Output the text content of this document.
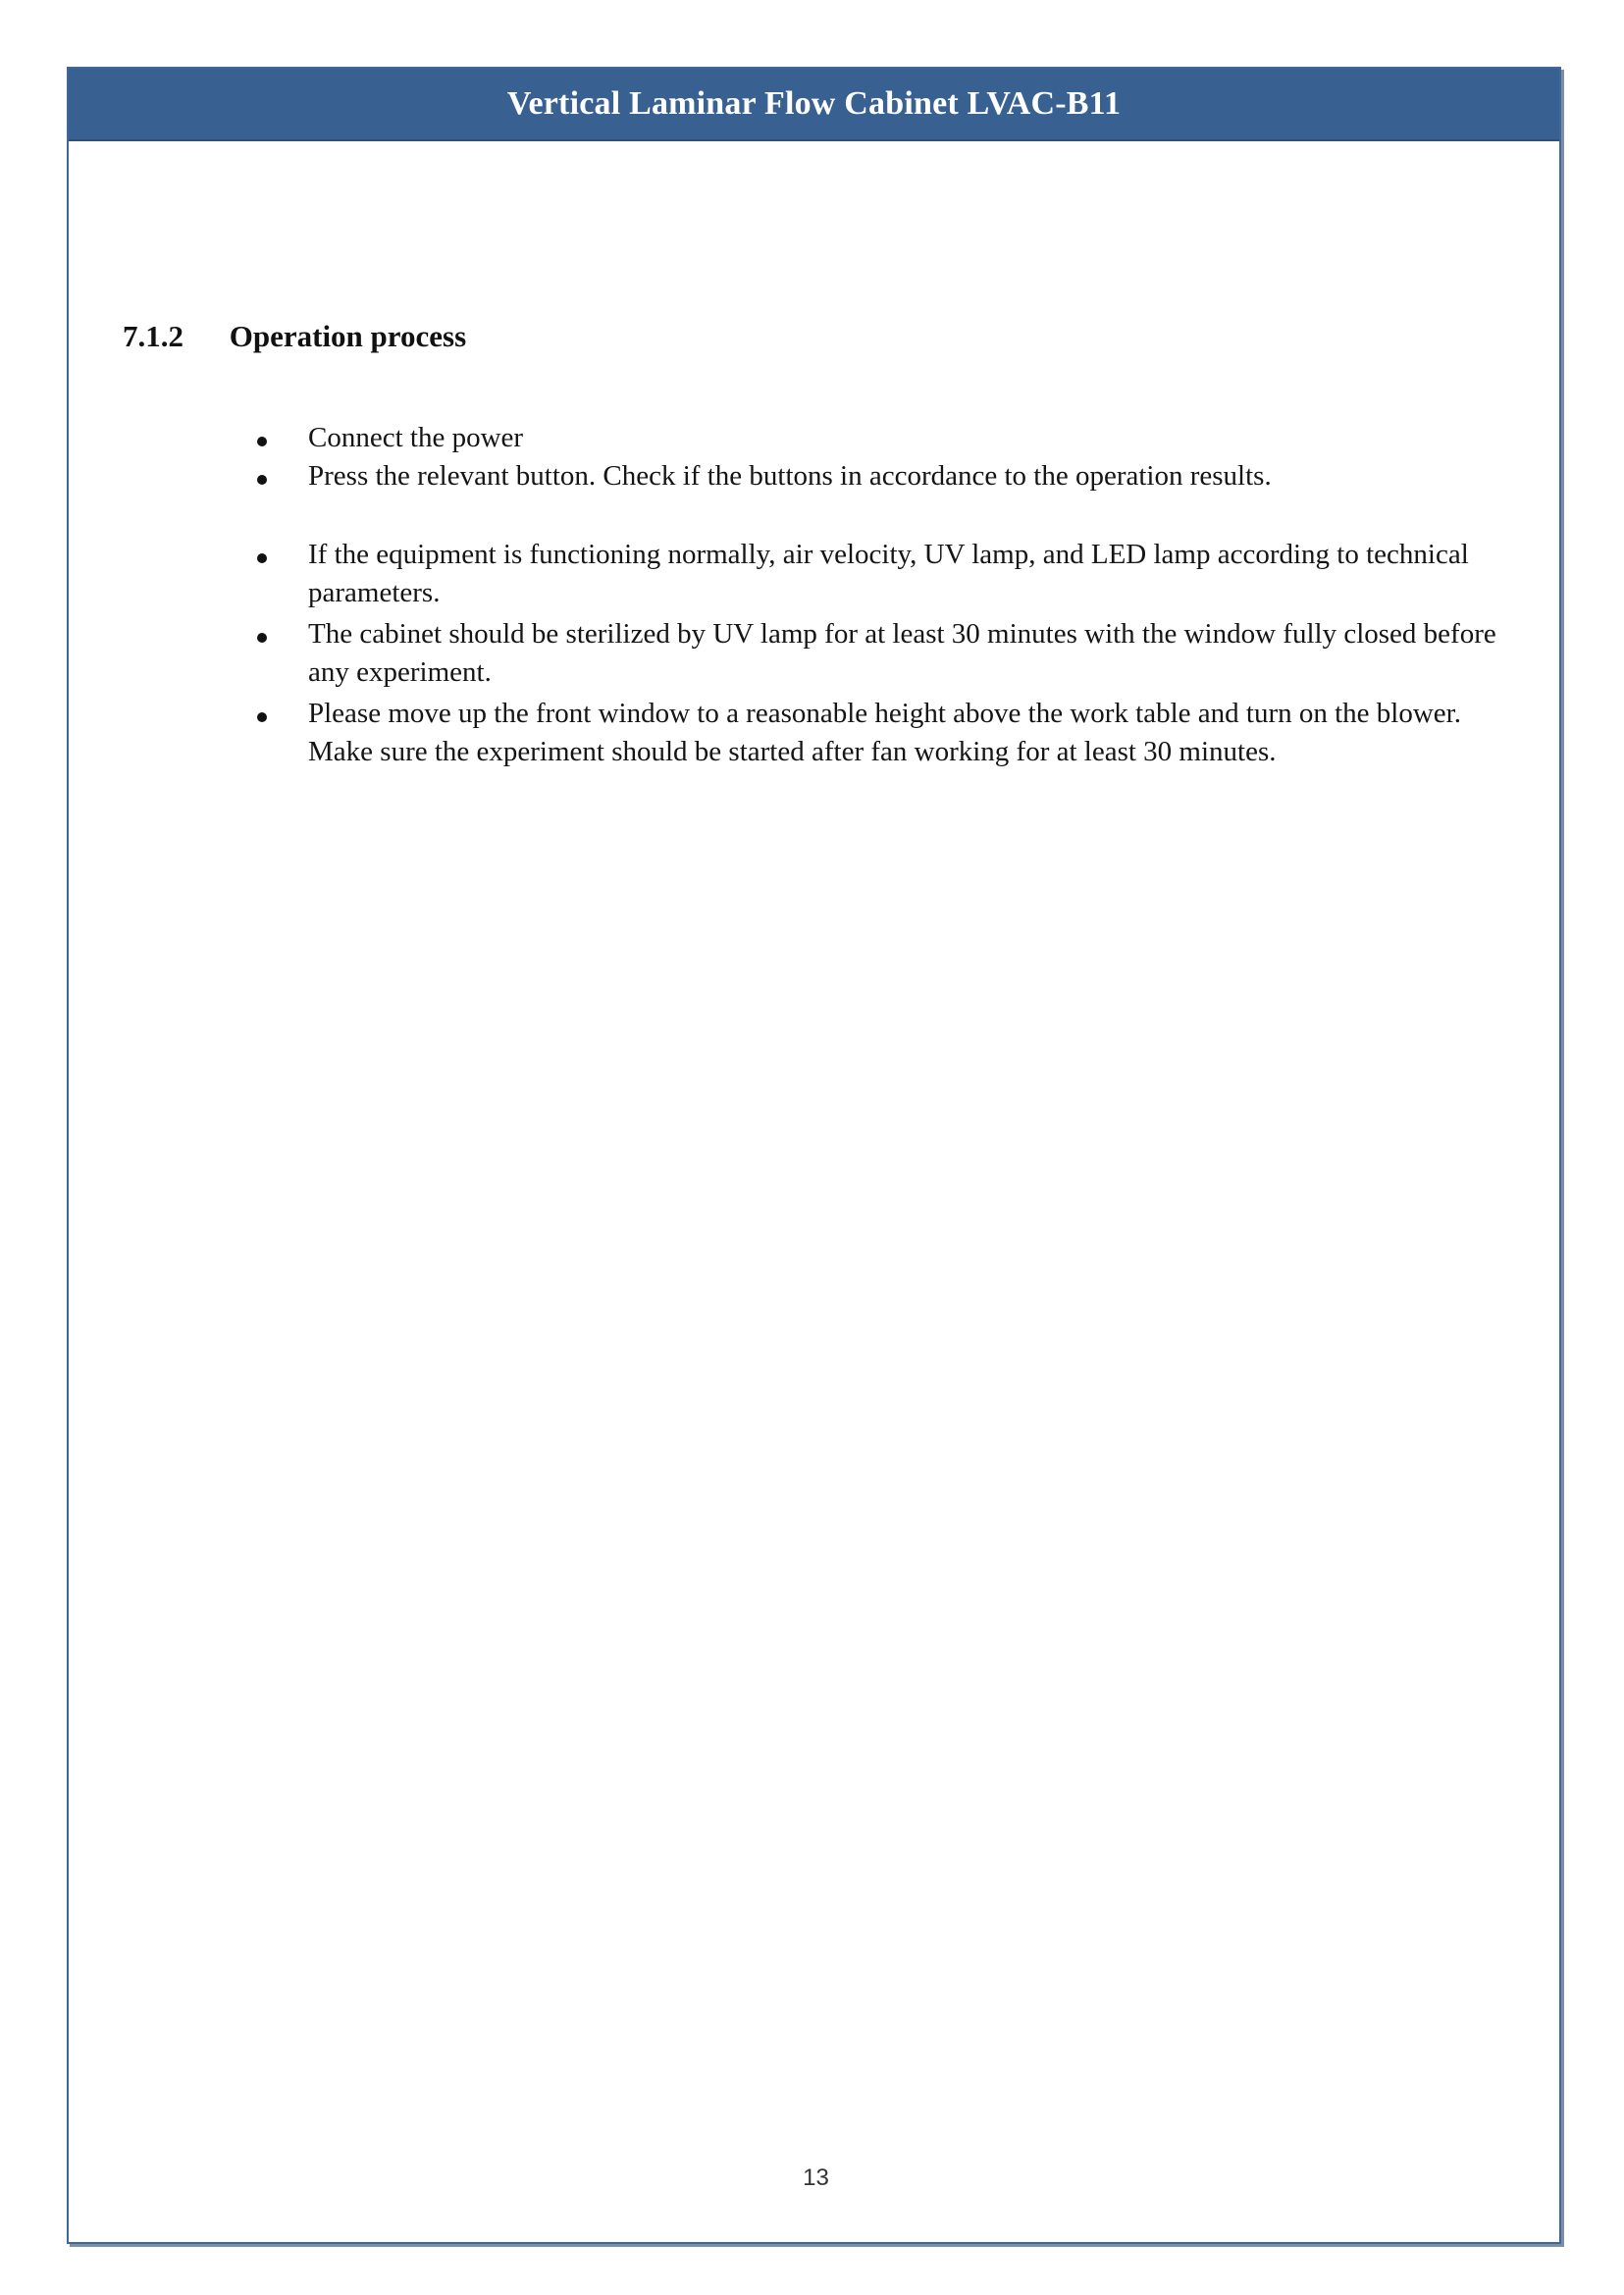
Vertical Laminar Flow Cabinet LVAC-B11
7.1.2 Operation process
Connect the power
Press the relevant button. Check if the buttons in accordance to the operation results.
If the equipment is functioning normally, air velocity, UV lamp, and LED lamp according to technical parameters.
The cabinet should be sterilized by UV lamp for at least 30 minutes with the window fully closed before any experiment.
Please move up the front window to a reasonable height above the work table and turn on the blower. Make sure the experiment should be started after fan working for at least 30 minutes.
13
